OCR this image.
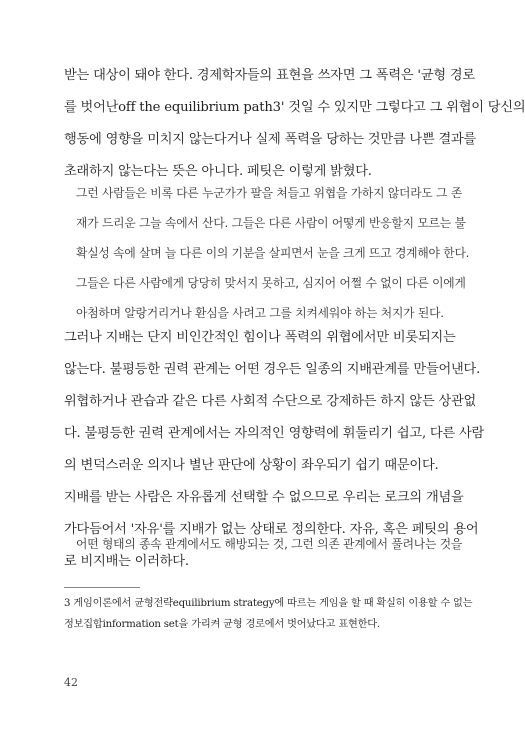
받는 대상이 돼야 한다. 경제학자들의 표현을 쓰자면 그 폭력은 '균형 경로
를 벗어난off the equilibrium path3' 것일 수 있지만 그렇다고 그 위협이 당신의
행동에 영향을 미치지 않는다거나 실제 폭력을 당하는 것만큼 나쁜 결과를
초래하지 않는다는 뜻은 아니다. 페팃은 이렇게 밝혔다.
그런 사람들은 비록 다른 누군가가 팔을 쳐들고 위협을 가하지 않더라도 그 존
재가 드리운 그늘 속에서 산다. 그들은 다른 사람이 어떻게 반응할지 모르는 불
확실성 속에 살며 늘 다른 이의 기분을 살피면서 눈을 크게 뜨고 경계해야 한다.
그들은 다른 사람에게 당당히 맞서지 못하고, 심지어 어쩔 수 없이 다른 이에게
아첨하며 알랑거리거나 환심을 사려고 그를 치켜세워야 하는 처지가 된다.
그러나 지배는 단지 비인간적인 힘이나 폭력의 위협에서만 비롯되지는
않는다. 불평등한 권력 관계는 어떤 경우든 일종의 지배관계를 만들어낸다.
위협하거나 관습과 같은 다른 사회적 수단으로 강제하든 하지 않든 상관없
다. 불평등한 권력 관계에서는 자의적인 영향력에 휘둘리기 쉽고, 다른 사람
의 변덕스러운 의지나 별난 판단에 상황이 좌우되기 쉽기 때문이다.
지배를 받는 사람은 자유롭게 선택할 수 없으므로 우리는 로크의 개념을
가다듬어서 '자유'를 지배가 없는 상태로 정의한다. 자유, 혹은 페팃의 용어
로 비지배는 이러하다.
어떤 형태의 종속 관계에서도 해방되는 것, 그런 의존 관계에서 풀려나는 것을
3 게임이론에서 균형전략equilibrium strategy에 따르는 게임을 할 때 확실히 이용할 수 없는
정보집합information set을 가리켜 균형 경로에서 벗어났다고 표현한다.
42
